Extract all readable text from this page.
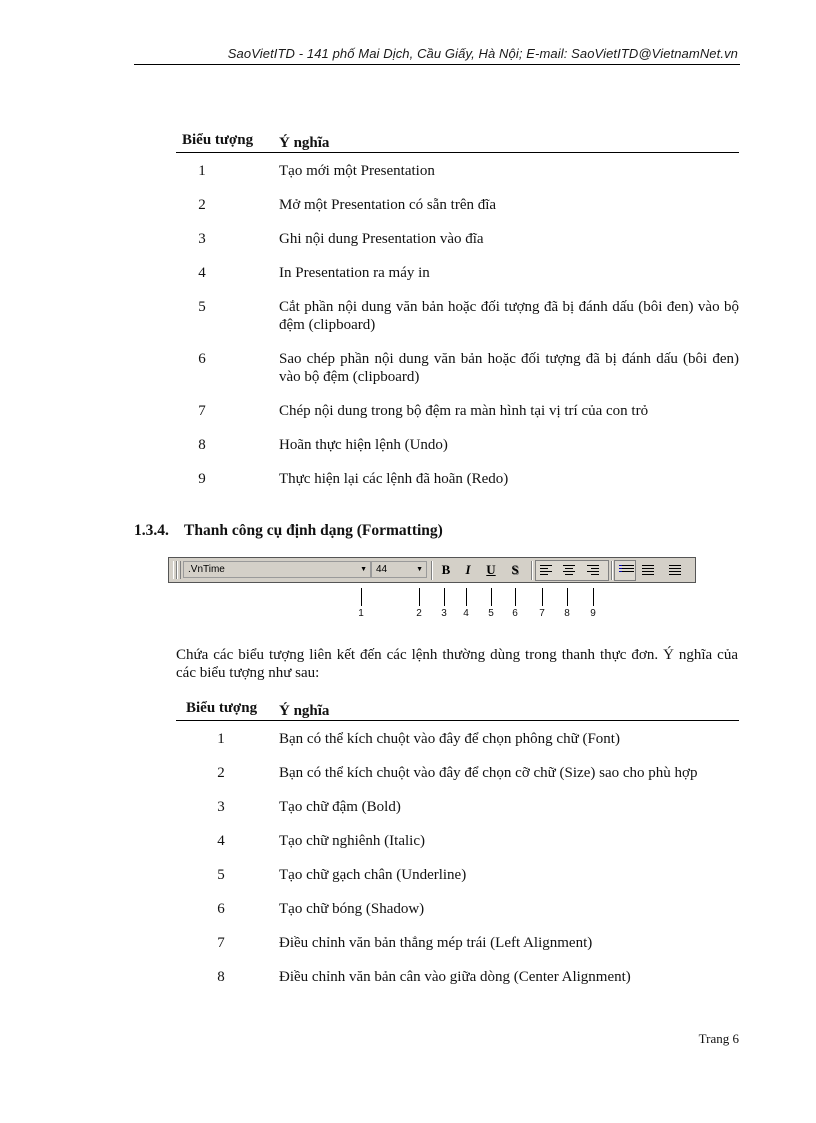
SaoVietITD - 141 phố Mai Dịch, Cầu Giấy, Hà Nội; E-mail: SaoVietITD@VietnamNet.vn
Biểu tượng Ý nghĩa
1	Tạo mới một Presentation
2	Mở một Presentation có sẵn trên đĩa
3	Ghi nội dung Presentation vào đĩa
4	In Presentation ra máy in
5	Cắt phần nội dung văn bản hoặc đối tượng đã bị đánh dấu (bôi đen) vào bộ đệm (clipboard)
6	Sao chép phần nội dung văn bản hoặc đối tượng đã bị đánh dấu (bôi đen) vào bộ đệm (clipboard)
7	Chép nội dung trong bộ đệm ra màn hình tại vị trí của con trỏ
8	Hoãn thực hiện lệnh (Undo)
9	Thực hiện lại các lệnh đã hoãn (Redo)
1.3.4. Thanh công cụ định dạng (Formatting)
.VnTime	▼ 44	▼	B	I	U	S
1	2	3	4	5	6	7	8	9
Chứa các biểu tượng liên kết đến các lệnh thường dùng trong thanh thực đơn. Ý nghĩa của các biểu tượng như sau:
Biểu tượng Ý nghĩa
1	Bạn có thể kích chuột vào đây để chọn phông chữ (Font)
2	Bạn có thể kích chuột vào đây để chọn cỡ chữ (Size) sao cho phù hợp
3	Tạo chữ đậm (Bold)
4	Tạo chữ nghiênh (Italic)
5	Tạo chữ gạch chân (Underline)
6	Tạo chữ bóng (Shadow)
7	Điều chỉnh văn bản thẳng mép trái (Left Alignment)
8	Điều chỉnh văn bản cân vào giữa dòng (Center Alignment)
Trang 6
